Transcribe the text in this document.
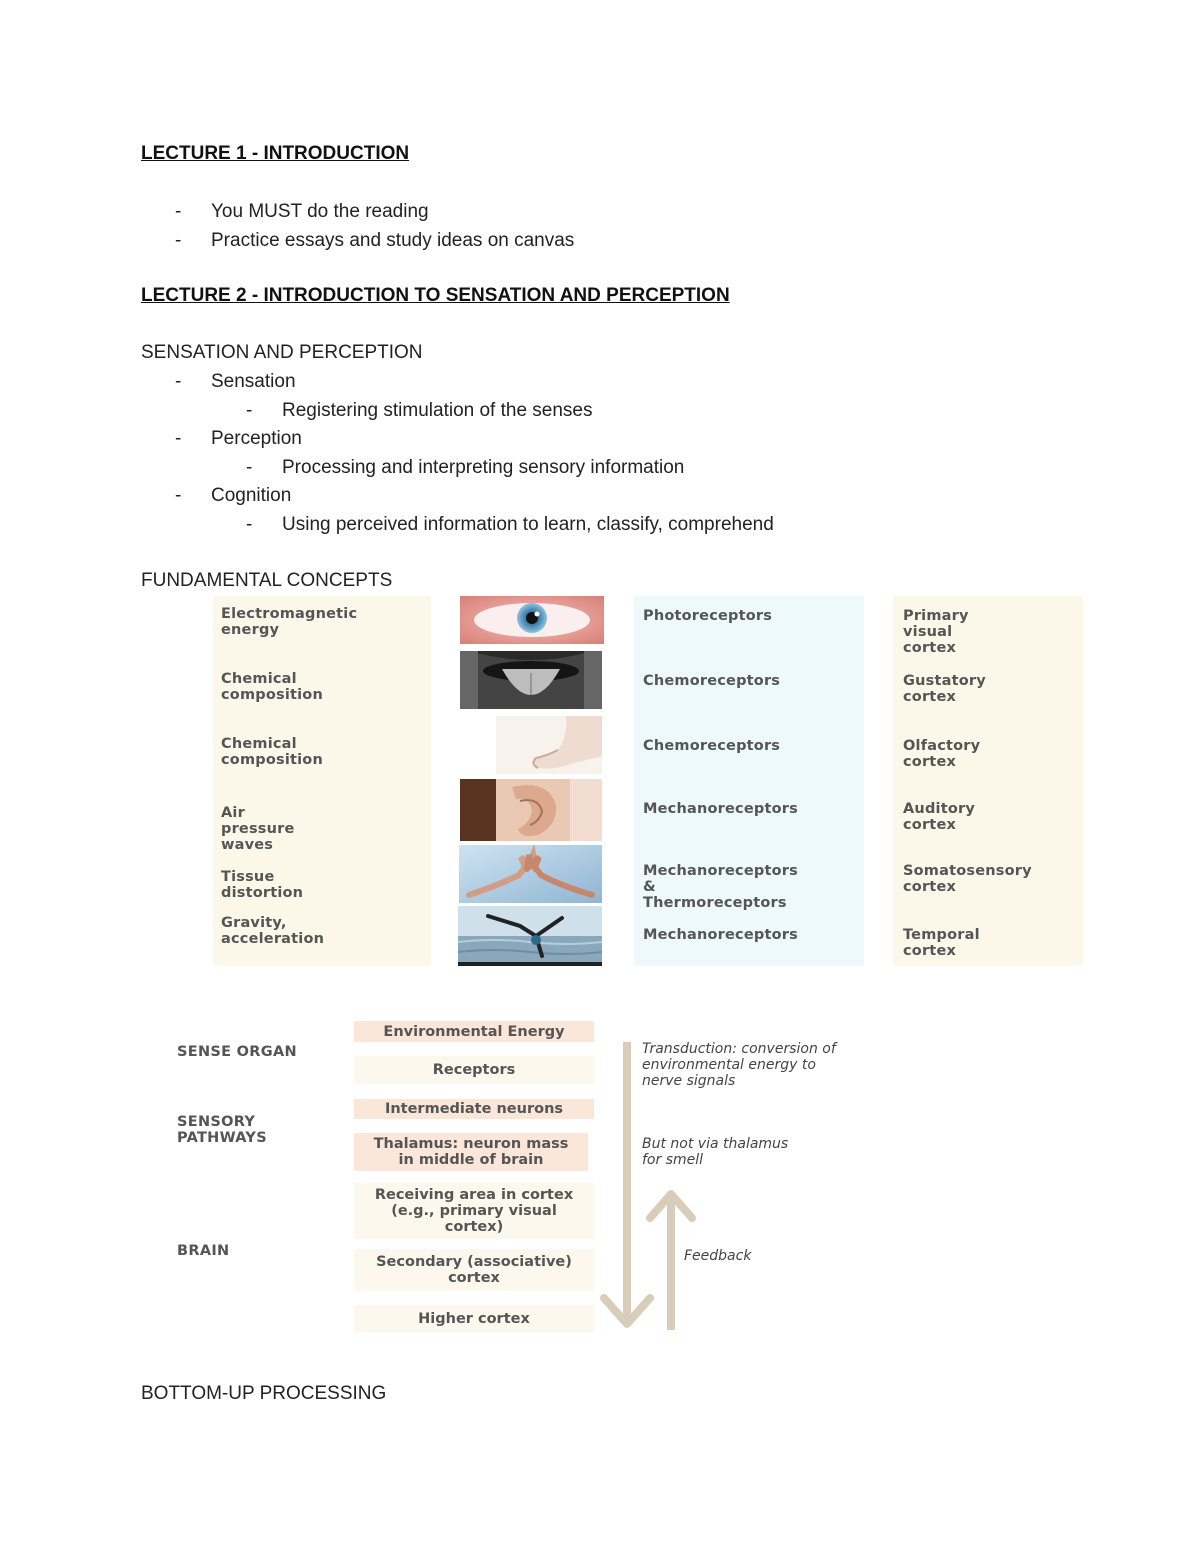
LECTURE 1 - INTRODUCTION
- You MUST do the reading
- Practice essays and study ideas on canvas
LECTURE 2 - INTRODUCTION TO SENSATION AND PERCEPTION
SENSATION AND PERCEPTION
- Sensation
- Registering stimulation of the senses
- Perception
- Processing and interpreting sensory information
- Cognition
- Using perceived information to learn, classify, comprehend
FUNDAMENTAL CONCEPTS
Electromagnetic
energy
Chemical
composition
Chemical
composition
Air pressure waves
Tissue distortion
Gravity,
acceleration
Photoreceptors
Chemoreceptors
Chemoreceptors
Mechanoreceptors
Mechanoreceptors
& Thermoreceptors
Mechanoreceptors
Primary visual
cortex
Gustatory cortex
Olfactory cortex
Auditory cortex
Somatosensory
cortex
Temporal cortex
SENSE ORGAN
SENSORY
PATHWAYS
BRAIN
Environmental Energy
Receptors
Intermediate neurons
Thalamus: neuron mass
in middle of brain
Receiving area in cortex
(e.g., primary visual
cortex)
Secondary (associative)
cortex
Higher cortex
Transduction: conversion of
environmental energy to
nerve signals
But not via thalamus
for smell
Feedback
BOTTOM-UP PROCESSING
